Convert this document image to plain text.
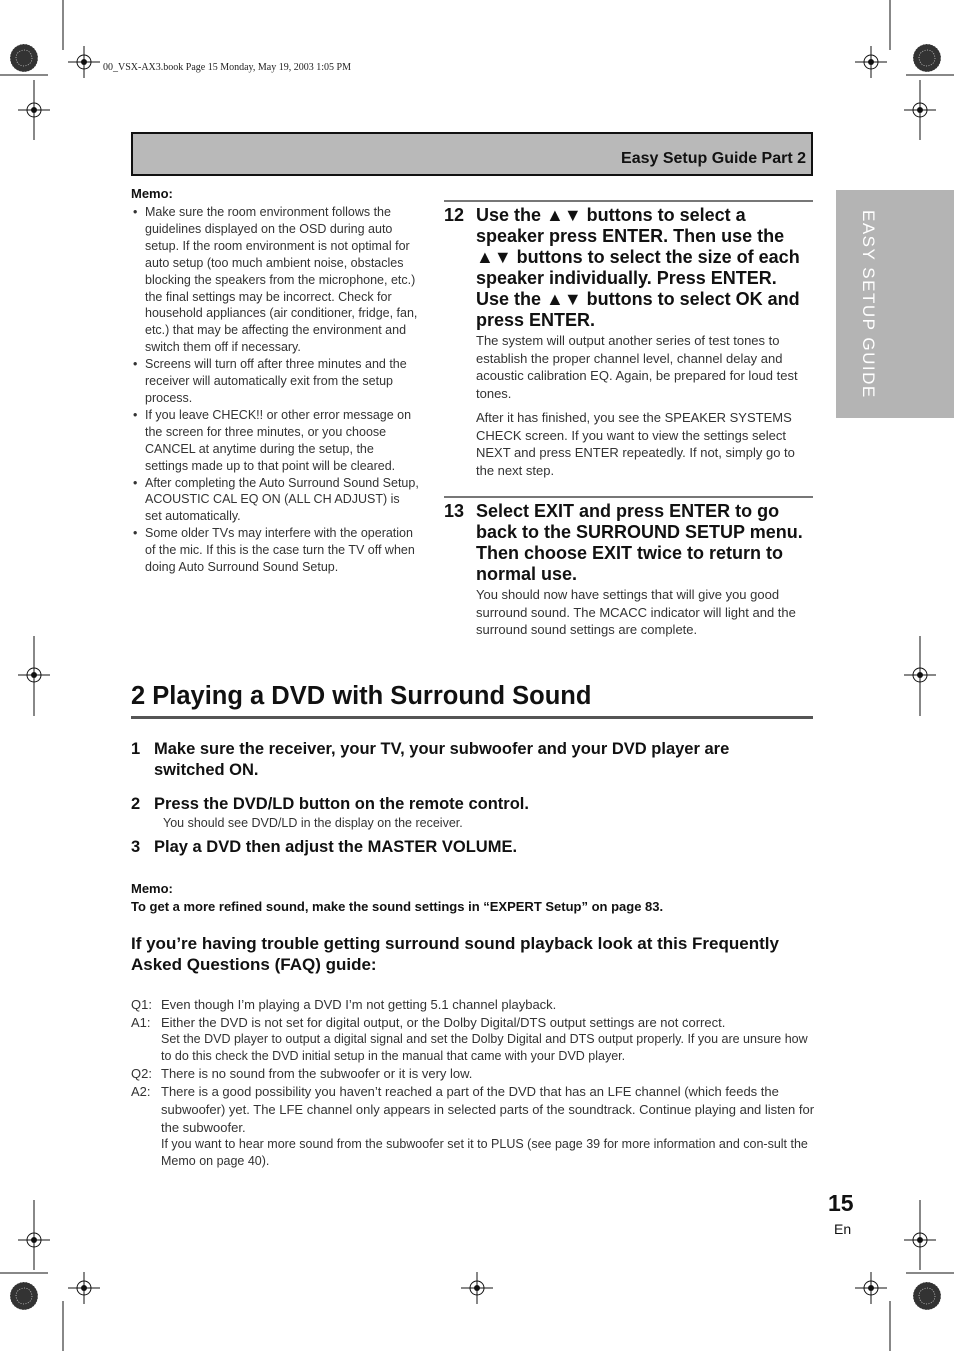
00_VSX-AX3.book Page 15 Monday, May 19, 2003 1:05 PM
Easy Setup Guide Part 2
EASY SETUP GUIDE
Memo:
• Make sure the room environment follows the guidelines displayed on the OSD during auto setup. If the room environment is not optimal for auto setup (too much ambient noise, obstacles blocking the speakers from the microphone, etc.) the final settings may be incorrect. Check for household appliances (air conditioner, fridge, fan, etc.) that may be affecting the environment and switch them off if necessary.
• Screens will turn off after three minutes and the receiver will automatically exit from the setup process.
• If you leave CHECK!! or other error message on the screen for three minutes, or you choose CANCEL at anytime during the setup, the settings made up to that point will be cleared.
• After completing the Auto Surround Sound Setup, ACOUSTIC CAL EQ ON (ALL CH ADJUST) is set automatically.
• Some older TVs may interfere with the operation of the mic. If this is the case turn the TV off when doing Auto Surround Sound Setup.
12 Use the ▲▼ buttons to select a speaker press ENTER. Then use the ▲▼ buttons to select the size of each speaker individually. Press ENTER. Use the ▲▼ buttons to select OK and press ENTER.
The system will output another series of test tones to establish the proper channel level, channel delay and acoustic calibration EQ. Again, be prepared for loud test tones.
After it has finished, you see the SPEAKER SYSTEMS CHECK screen. If you want to view the settings select NEXT and press ENTER repeatedly. If not, simply go to the next step.
13 Select EXIT and press ENTER to go back to the SURROUND SETUP menu. Then choose EXIT twice to return to normal use.
You should now have settings that will give you good surround sound. The MCACC indicator will light and the surround sound settings are complete.
2 Playing a DVD with Surround Sound
1 Make sure the receiver, your TV, your subwoofer and your DVD player are switched ON.
2 Press the DVD/LD button on the remote control.
You should see DVD/LD in the display on the receiver.
3 Play a DVD then adjust the MASTER VOLUME.
Memo:
To get a more refined sound, make the sound settings in “EXPERT Setup” on page 83.
If you’re having trouble getting surround sound playback look at this Frequently Asked Questions (FAQ) guide:
Q1: Even though I’m playing a DVD I’m not getting 5.1 channel playback.
A1: Either the DVD is not set for digital output, or the Dolby Digital/DTS output settings are not correct.
Set the DVD player to output a digital signal and set the Dolby Digital and DTS output properly. If you are unsure how to do this check the DVD initial setup in the manual that came with your DVD player.
Q2: There is no sound from the subwoofer or it is very low.
A2: There is a good possibility you haven’t reached a part of the DVD that has an LFE channel (which feeds the subwoofer) yet. The LFE channel only appears in selected parts of the soundtrack. Continue playing and listen for the subwoofer.
If you want to hear more sound from the subwoofer set it to PLUS (see page 39 for more information and con-sult the Memo on page 40).
15
En
